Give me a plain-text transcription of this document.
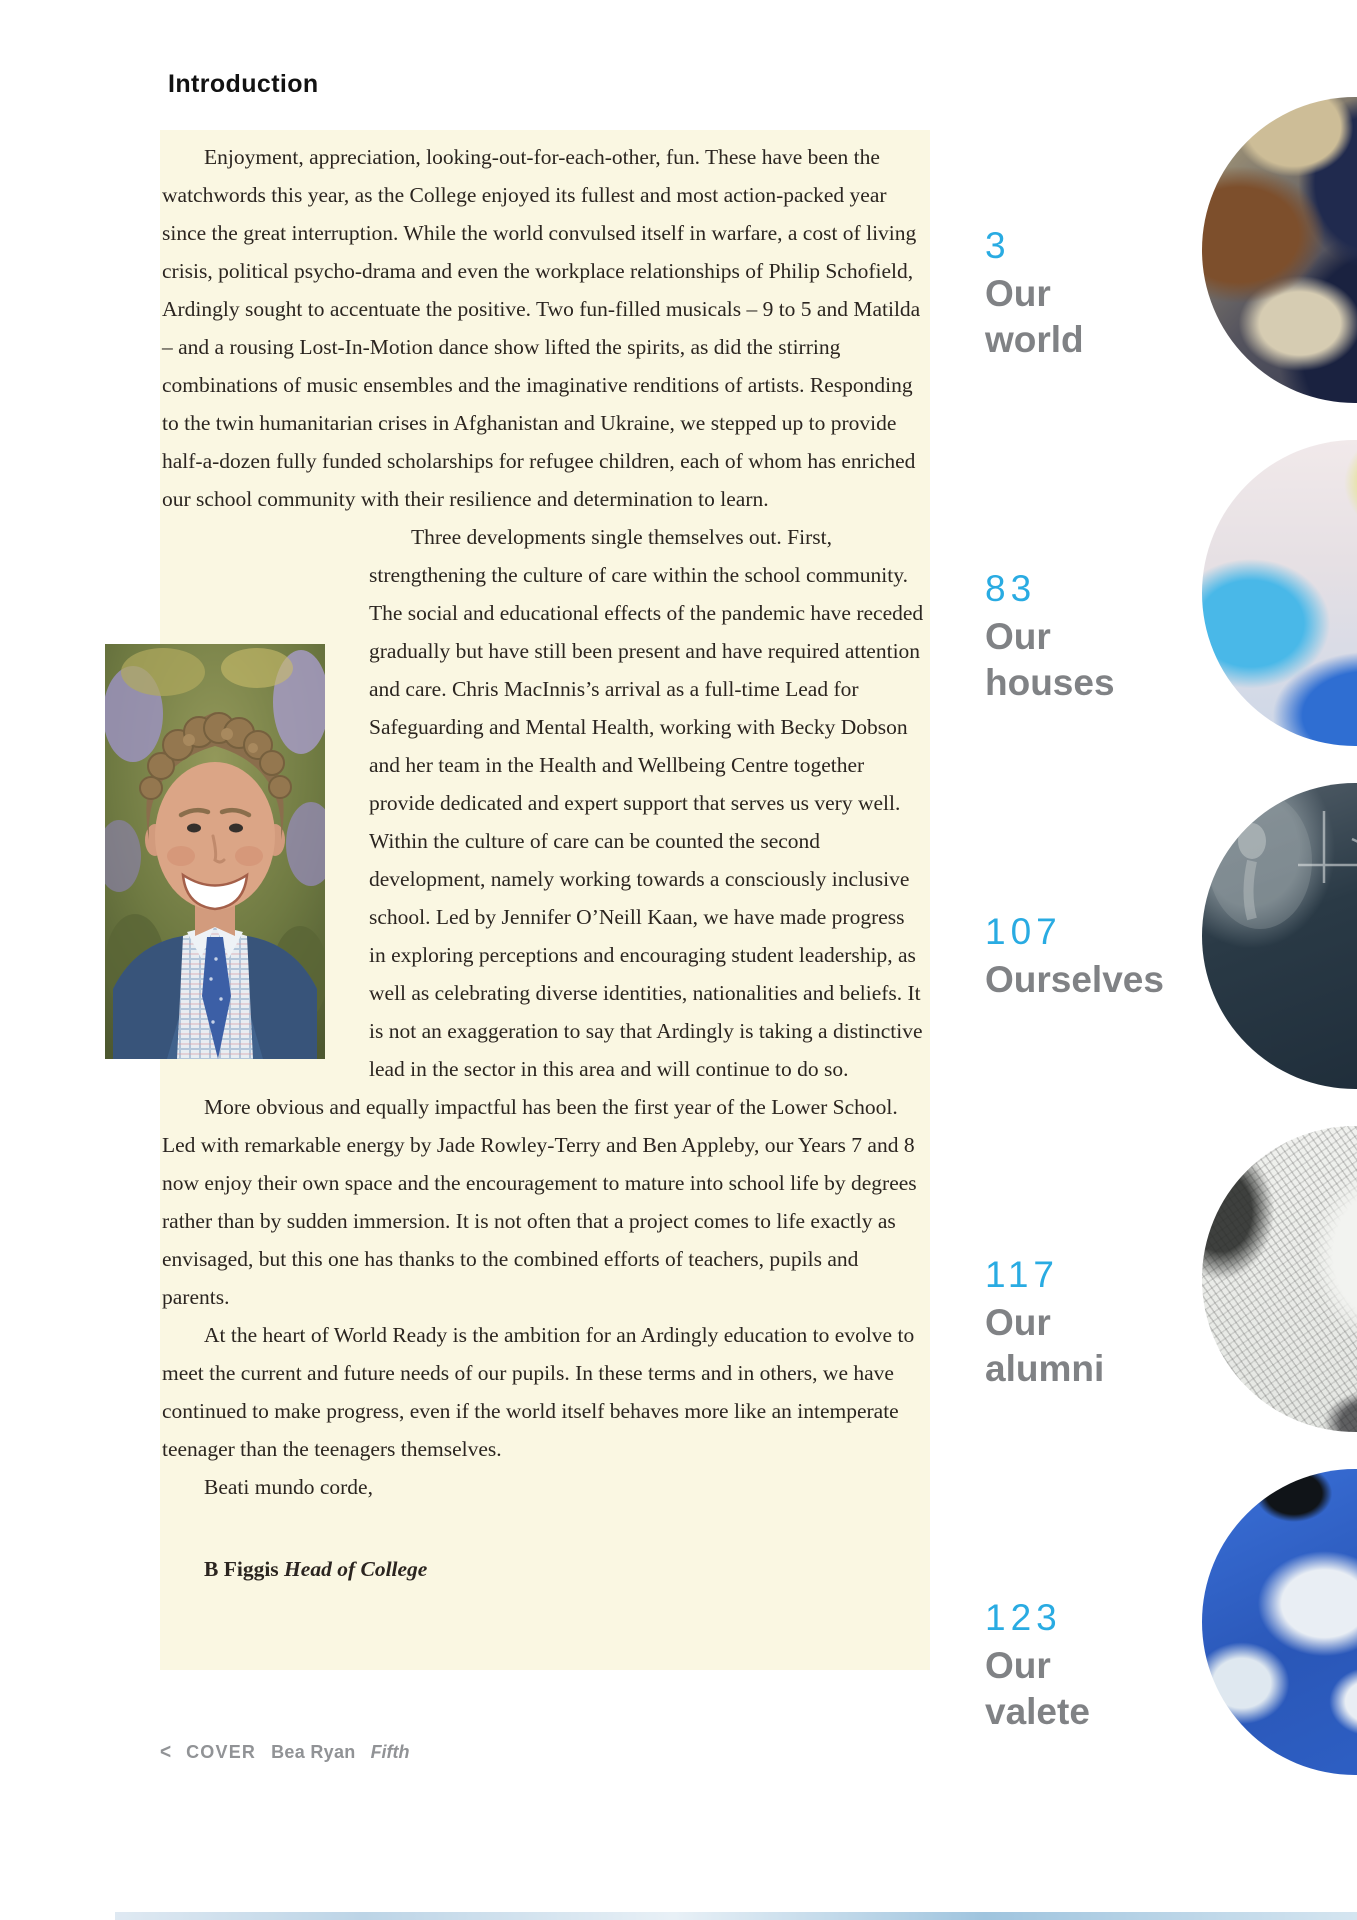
Introduction

Enjoyment, appreciation, looking-out-for-each-other, fun. These have been the watchwords this year, as the College enjoyed its fullest and most action-packed year since the great interruption. While the world convulsed itself in warfare, a cost of living crisis, political psycho-drama and even the workplace relationships of Philip Schofield, Ardingly sought to accentuate the positive. Two fun-filled musicals – 9 to 5 and Matilda – and a rousing Lost-In-Motion dance show lifted the spirits, as did the stirring combinations of music ensembles and the imaginative renditions of artists. Responding to the twin humanitarian crises in Afghanistan and Ukraine, we stepped up to provide half-a-dozen fully funded scholarships for refugee children, each of whom has enriched our school community with their resilience and determination to learn.

Three developments single themselves out. First, strengthening the culture of care within the school community. The social and educational effects of the pandemic have receded gradually but have still been present and have required attention and care. Chris MacInnis’s arrival as a full-time Lead for Safeguarding and Mental Health, working with Becky Dobson and her team in the Health and Wellbeing Centre together provide dedicated and expert support that serves us very well. Within the culture of care can be counted the second development, namely working towards a consciously inclusive school. Led by Jennifer O’Neill Kaan, we have made progress in exploring perceptions and encouraging student leadership, as well as celebrating diverse identities, nationalities and beliefs. It is not an exaggeration to say that Ardingly is taking a distinctive lead in the sector in this area and will continue to do so.

More obvious and equally impactful has been the first year of the Lower School. Led with remarkable energy by Jade Rowley-Terry and Ben Appleby, our Years 7 and 8 now enjoy their own space and the encouragement to mature into school life by degrees rather than by sudden immersion. It is not often that a project comes to life exactly as envisaged, but this one has thanks to the combined efforts of teachers, pupils and parents.

At the heart of World Ready is the ambition for an Ardingly education to evolve to meet the current and future needs of our pupils. In these terms and in others, we have continued to make progress, even if the world itself behaves more like an intemperate teenager than the teenagers themselves.

Beati mundo corde,

B Figgis Head of College

3
Our world
83
Our houses
107
Ourselves
117
Our alumni
123
Our valete
< COVER Bea Ryan Fifth
